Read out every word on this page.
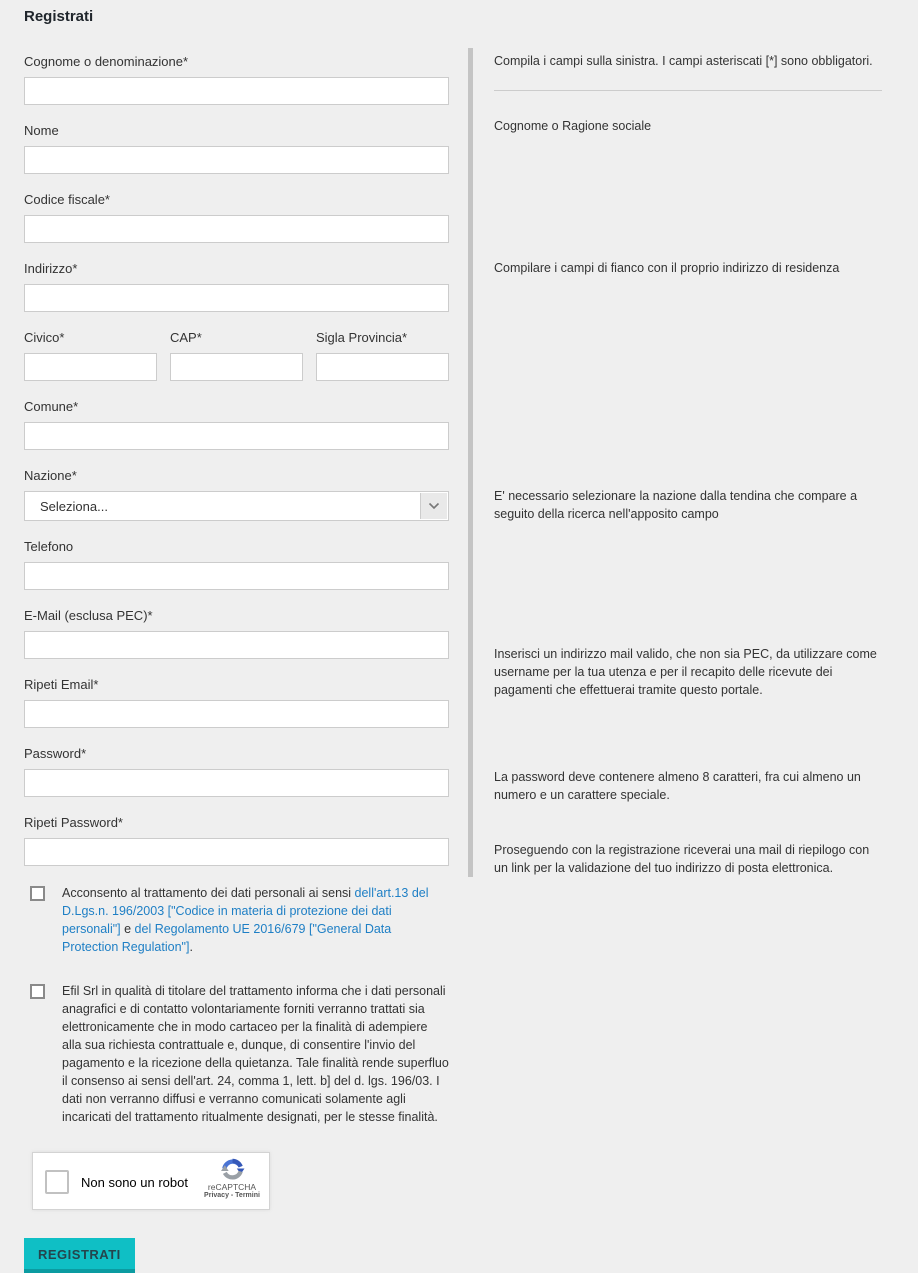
Registrati
Cognome o denominazione*
Nome
Codice fiscale*
Indirizzo*
Civico*	CAP*	Sigla Provincia*
Comune*
Nazione*
Seleziona...
Telefono
E-Mail (esclusa PEC)*
Ripeti Email*
Password*
Ripeti Password*

Acconsento al trattamento dei dati personali ai sensi dell'art.13 del D.Lgs.n. 196/2003 ["Codice in materia di protezione dei dati personali"] e del Regolamento UE 2016/679 ["General Data Protection Regulation"].

Efil Srl in qualità di titolare del trattamento informa che i dati personali anagrafici e di contatto volontariamente forniti verranno trattati sia elettronicamente che in modo cartaceo per la finalità di adempiere alla sua richiesta contrattuale e, dunque, di consentire l'invio del pagamento e la ricezione della quietanza. Tale finalità rende superfluo il consenso ai sensi dell'art. 24, comma 1, lett. b] del d. lgs. 196/03. I dati non verranno diffusi e verranno comunicati solamente agli incaricati del trattamento ritualmente designati, per le stesse finalità.

Non sono un robot	reCAPTCHA
Privacy - Termini
REGISTRATI

Compila i campi sulla sinistra. I campi asteriscati [*] sono obbligatori.

Cognome o Ragione sociale

Compilare i campi di fianco con il proprio indirizzo di residenza

E' necessario selezionare la nazione dalla tendina che compare a seguito della ricerca nell'apposito campo

Inserisci un indirizzo mail valido, che non sia PEC, da utilizzare come username per la tua utenza e per il recapito delle ricevute dei pagamenti che effettuerai tramite questo portale.

La password deve contenere almeno 8 caratteri, fra cui almeno un numero e un carattere speciale.

Proseguendo con la registrazione riceverai una mail di riepilogo con un link per la validazione del tuo indirizzo di posta elettronica.
